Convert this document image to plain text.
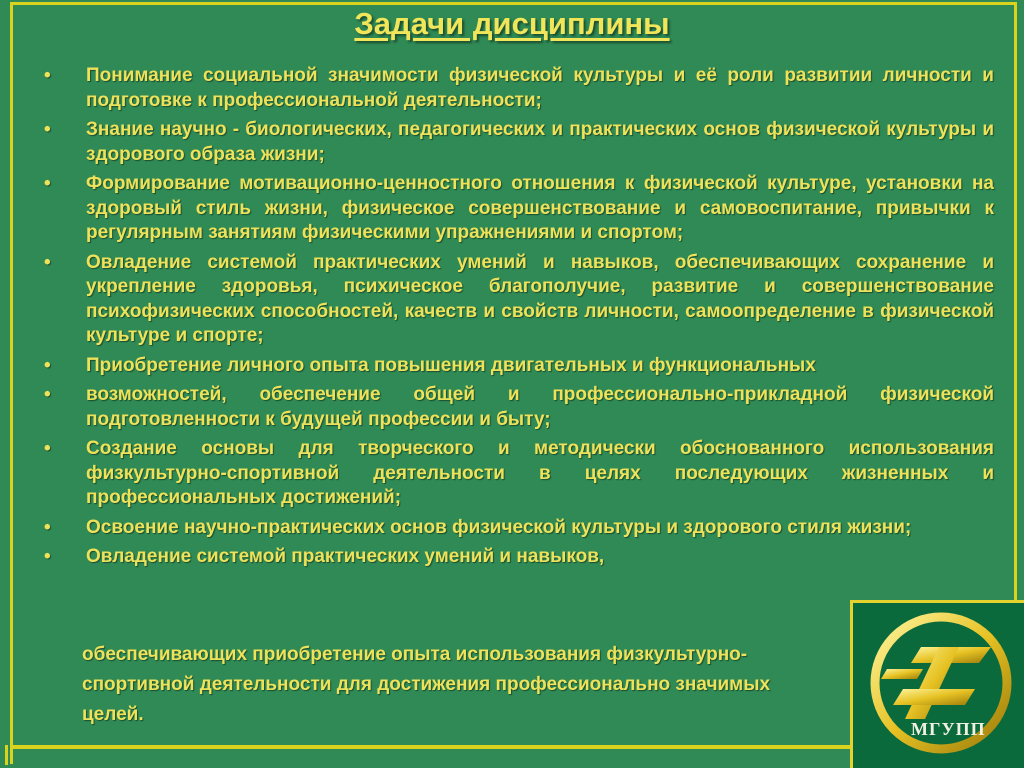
Задачи дисциплины
• Понимание социальной значимости физической культуры и её роли развитии личности и подготовке к профессиональной деятельности;
• Знание научно - биологических, педагогических и практических основ физической культуры и здорового образа жизни;
• Формирование мотивационно-ценностного отношения к физической культуре, установки на здоровый стиль жизни, физическое совершенствование и самовоспитание, привычки к регулярным занятиям физическими упражнениями и спортом;
• Овладение системой практических умений и навыков, обеспечивающих сохранение и укрепление здоровья, психическое благополучие, развитие и совершенствование психофизических способностей, качеств и свойств личности, самоопределение в физической культуре и спорте;
• Приобретение личного опыта повышения двигательных и функциональных
• возможностей, обеспечение общей и профессионально-прикладной физической подготовленности к будущей профессии и быту;
• Создание основы для творческого и методически обоснованного использования физкультурно-спортивной деятельности в целях последующих жизненных и профессиональных достижений;
• Освоение научно-практических основ физической культуры и здорового стиля жизни;
• Овладение системой практических умений и навыков,
обеспечивающих приобретение опыта использования физкультурно-
спортивной деятельности для достижения профессионально значимых
целей.
МГУПП
